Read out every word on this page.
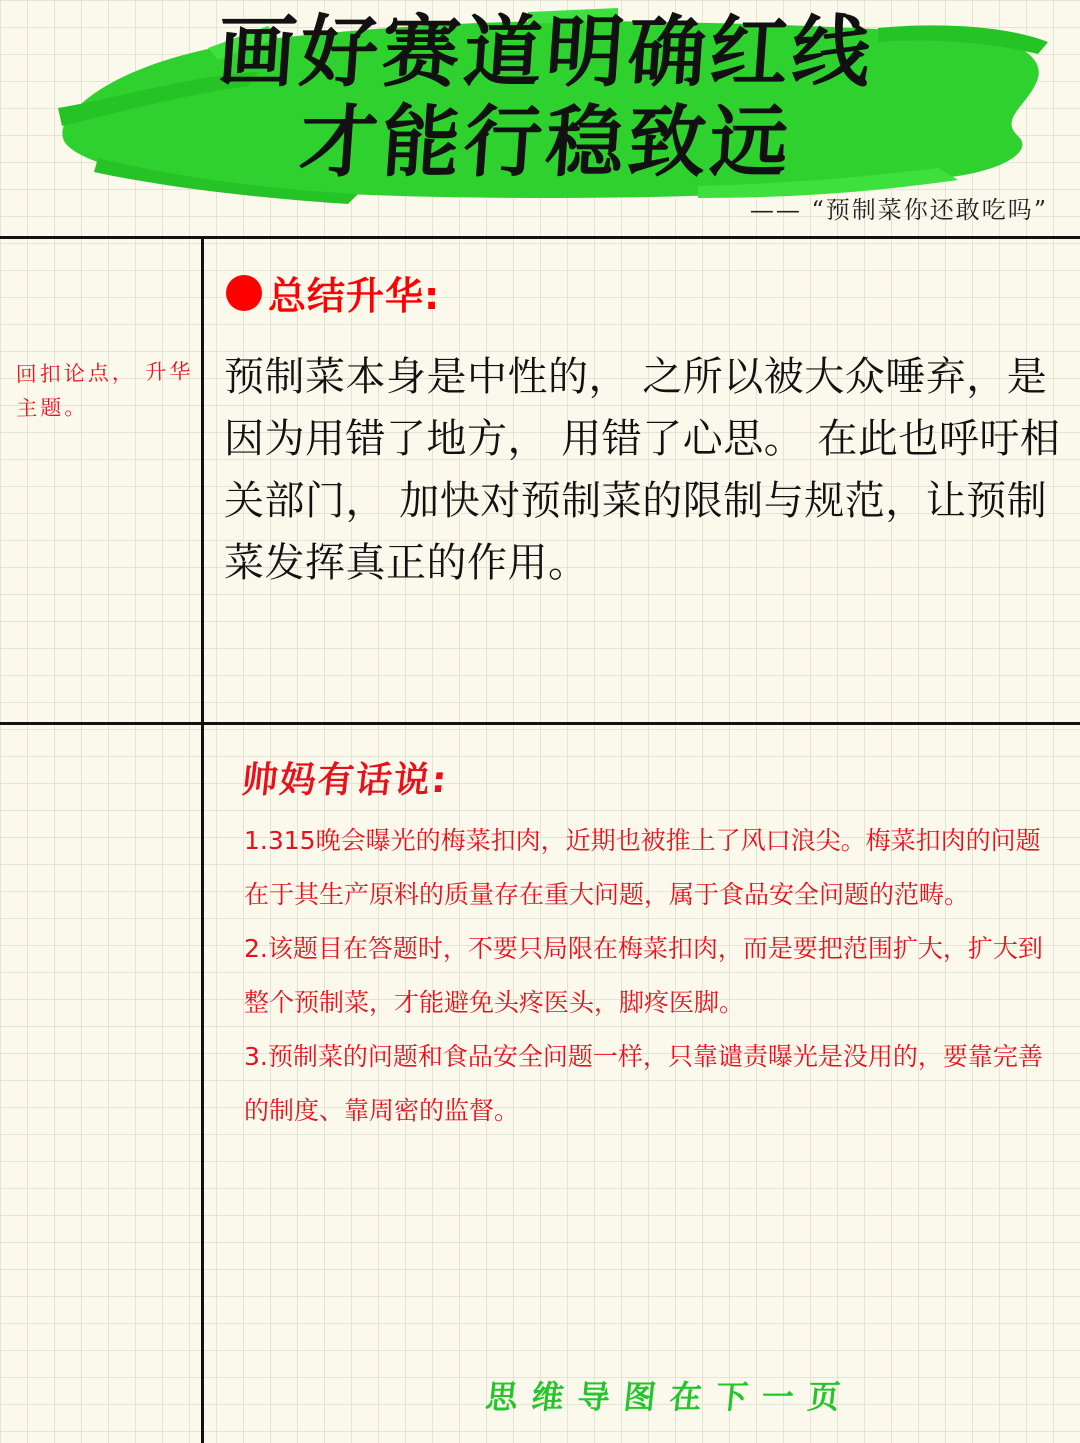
画好赛道明确红线
才能行稳致远
—— “预制菜你还敢吃吗”
回扣论点， 升华主题。
总结升华:
预制菜本身是中性的， 之所以被大众唾弃，是因为用错了地方， 用错了心思。 在此也呼吁相关部门， 加快对预制菜的限制与规范，让预制菜发挥真正的作用。
帅妈有话说:
1.315晚会曝光的梅菜扣肉，近期也被推上了风口浪尖。梅菜扣肉的问题在于其生产原料的质量存在重大问题，属于食品安全问题的范畴。
2.该题目在答题时，不要只局限在梅菜扣肉，而是要把范围扩大，扩大到整个预制菜，才能避免头疼医头，脚疼医脚。
3.预制菜的问题和食品安全问题一样，只靠谴责曝光是没用的，要靠完善的制度、靠周密的监督。
思维导图在下一页
